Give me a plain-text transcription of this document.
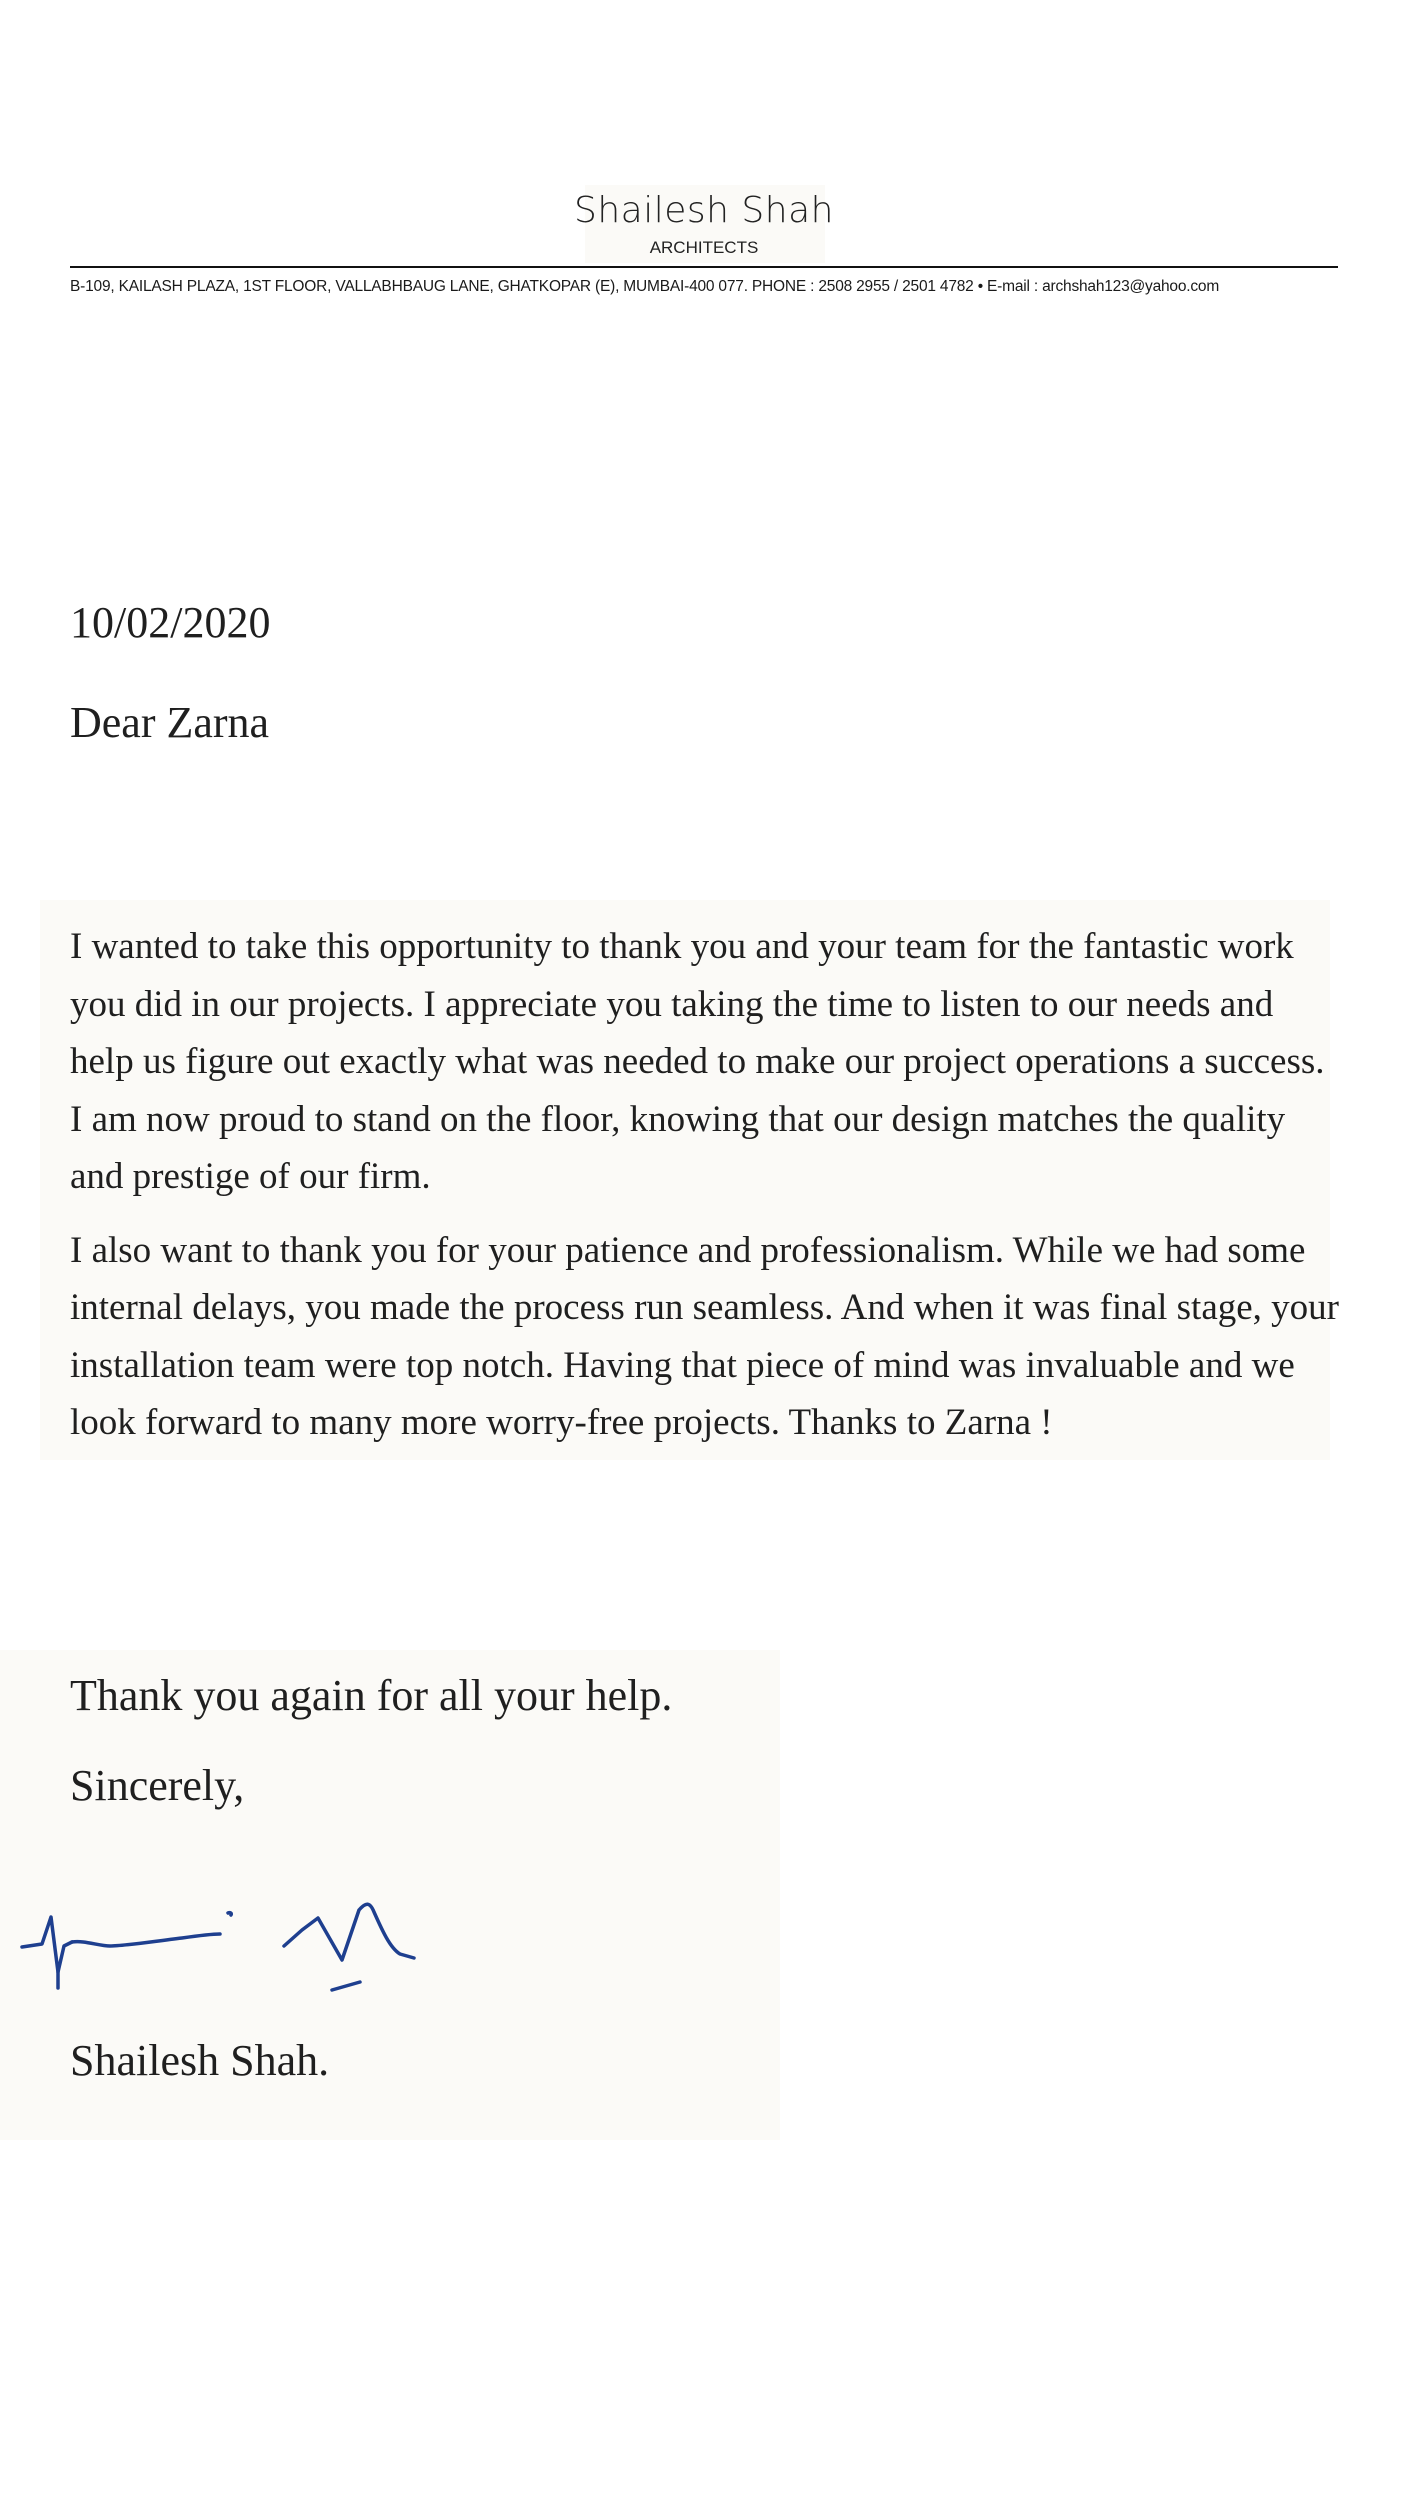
Shailesh Shah
ARCHITECTS
B-109, KAILASH PLAZA, 1ST FLOOR, VALLABHBAUG LANE, GHATKOPAR (E), MUMBAI-400 077. PHONE : 2508 2955 / 2501 4782 • E-mail : archshah123@yahoo.com
10/02/2020
Dear Zarna

I wanted to take this opportunity to thank you and your team for the fantastic work you did in our projects. I appreciate you taking the time to listen to our needs and help us figure out exactly what was needed to make our project operations a success. I am now proud to stand on the floor, knowing that our design matches the quality and prestige of our firm.

I also want to thank you for your patience and professionalism. While we had some internal delays, you made the process run seamless. And when it was final stage, your installation team were top notch. Having that piece of mind was invaluable and we look forward to many more worry-free projects. Thanks to Zarna !

Thank you again for all your help.
Sincerely,
Shailesh Shah.
